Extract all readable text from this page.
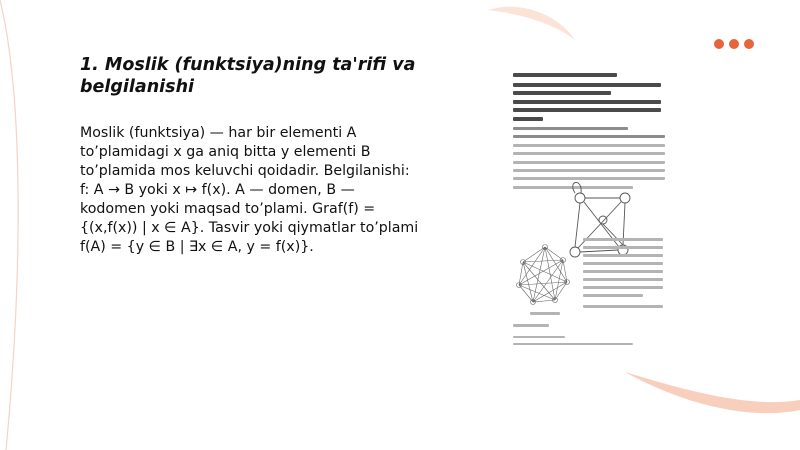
1. Moslik (funktsiya)ning ta'rifi va belgilanishi

Moslik (funktsiya) — har bir elementi A to’plamidagi x ga aniq bitta y elementi B to’plamida mos keluvchi qoidadir. Belgilanishi: f: A → B yoki x ↦ f(x). A — domen, B — kodomen yoki maqsad to’plami. Graf(f) = {(x,f(x)) | x ∈ A}. Tasvir yoki qiymatlar to’plami f(A) = {y ∈ B | ∃x ∈ A, y = f(x)}.
